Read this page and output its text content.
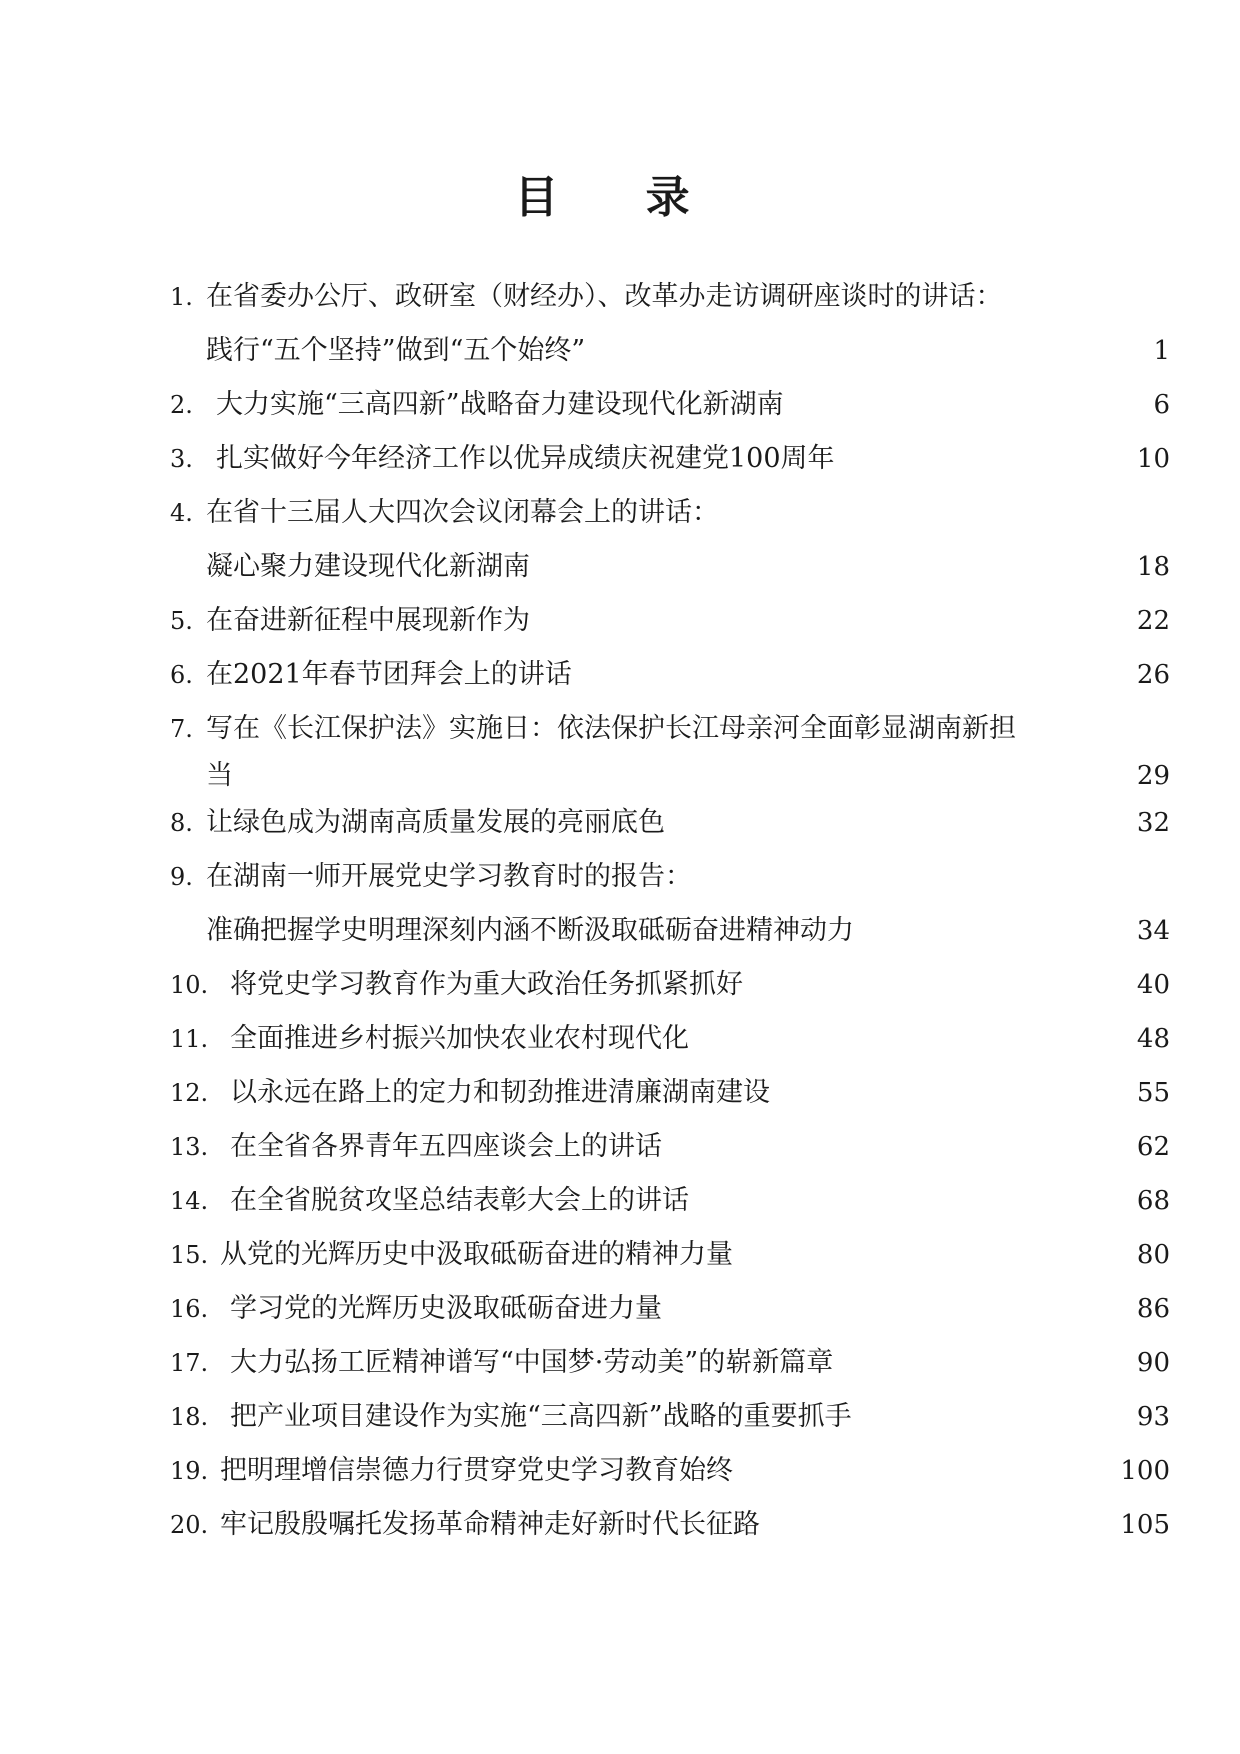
目 录
1. 在省委办公厅、政研室（财经办）、改革办走访调研座谈时的讲话：
践行“五个坚持”做到“五个始终”	1
2. 大力实施“三高四新”战略奋力建设现代化新湖南	6
3. 扎实做好今年经济工作以优异成绩庆祝建党100周年	10
4. 在省十三届人大四次会议闭幕会上的讲话：
凝心聚力建设现代化新湖南	18
5. 在奋进新征程中展现新作为	22
6. 在2021年春节团拜会上的讲话	26
7. 写在《长江保护法》实施日：依法保护长江母亲河全面彰显湖南新担
当	29
8. 让绿色成为湖南高质量发展的亮丽底色	32
9. 在湖南一师开展党史学习教育时的报告：
准确把握学史明理深刻内涵不断汲取砥砺奋进精神动力	34
10. 将党史学习教育作为重大政治任务抓紧抓好	40
11. 全面推进乡村振兴加快农业农村现代化	48
12. 以永远在路上的定力和韧劲推进清廉湖南建设	55
13. 在全省各界青年五四座谈会上的讲话	62
14. 在全省脱贫攻坚总结表彰大会上的讲话	68
15. 从党的光辉历史中汲取砥砺奋进的精神力量	80
16. 学习党的光辉历史汲取砥砺奋进力量	86
17. 大力弘扬工匠精神谱写“中国梦·劳动美”的崭新篇章	90
18. 把产业项目建设作为实施“三高四新”战略的重要抓手	93
19. 把明理增信崇德力行贯穿党史学习教育始终	100
20. 牢记殷殷嘱托发扬革命精神走好新时代长征路	105
